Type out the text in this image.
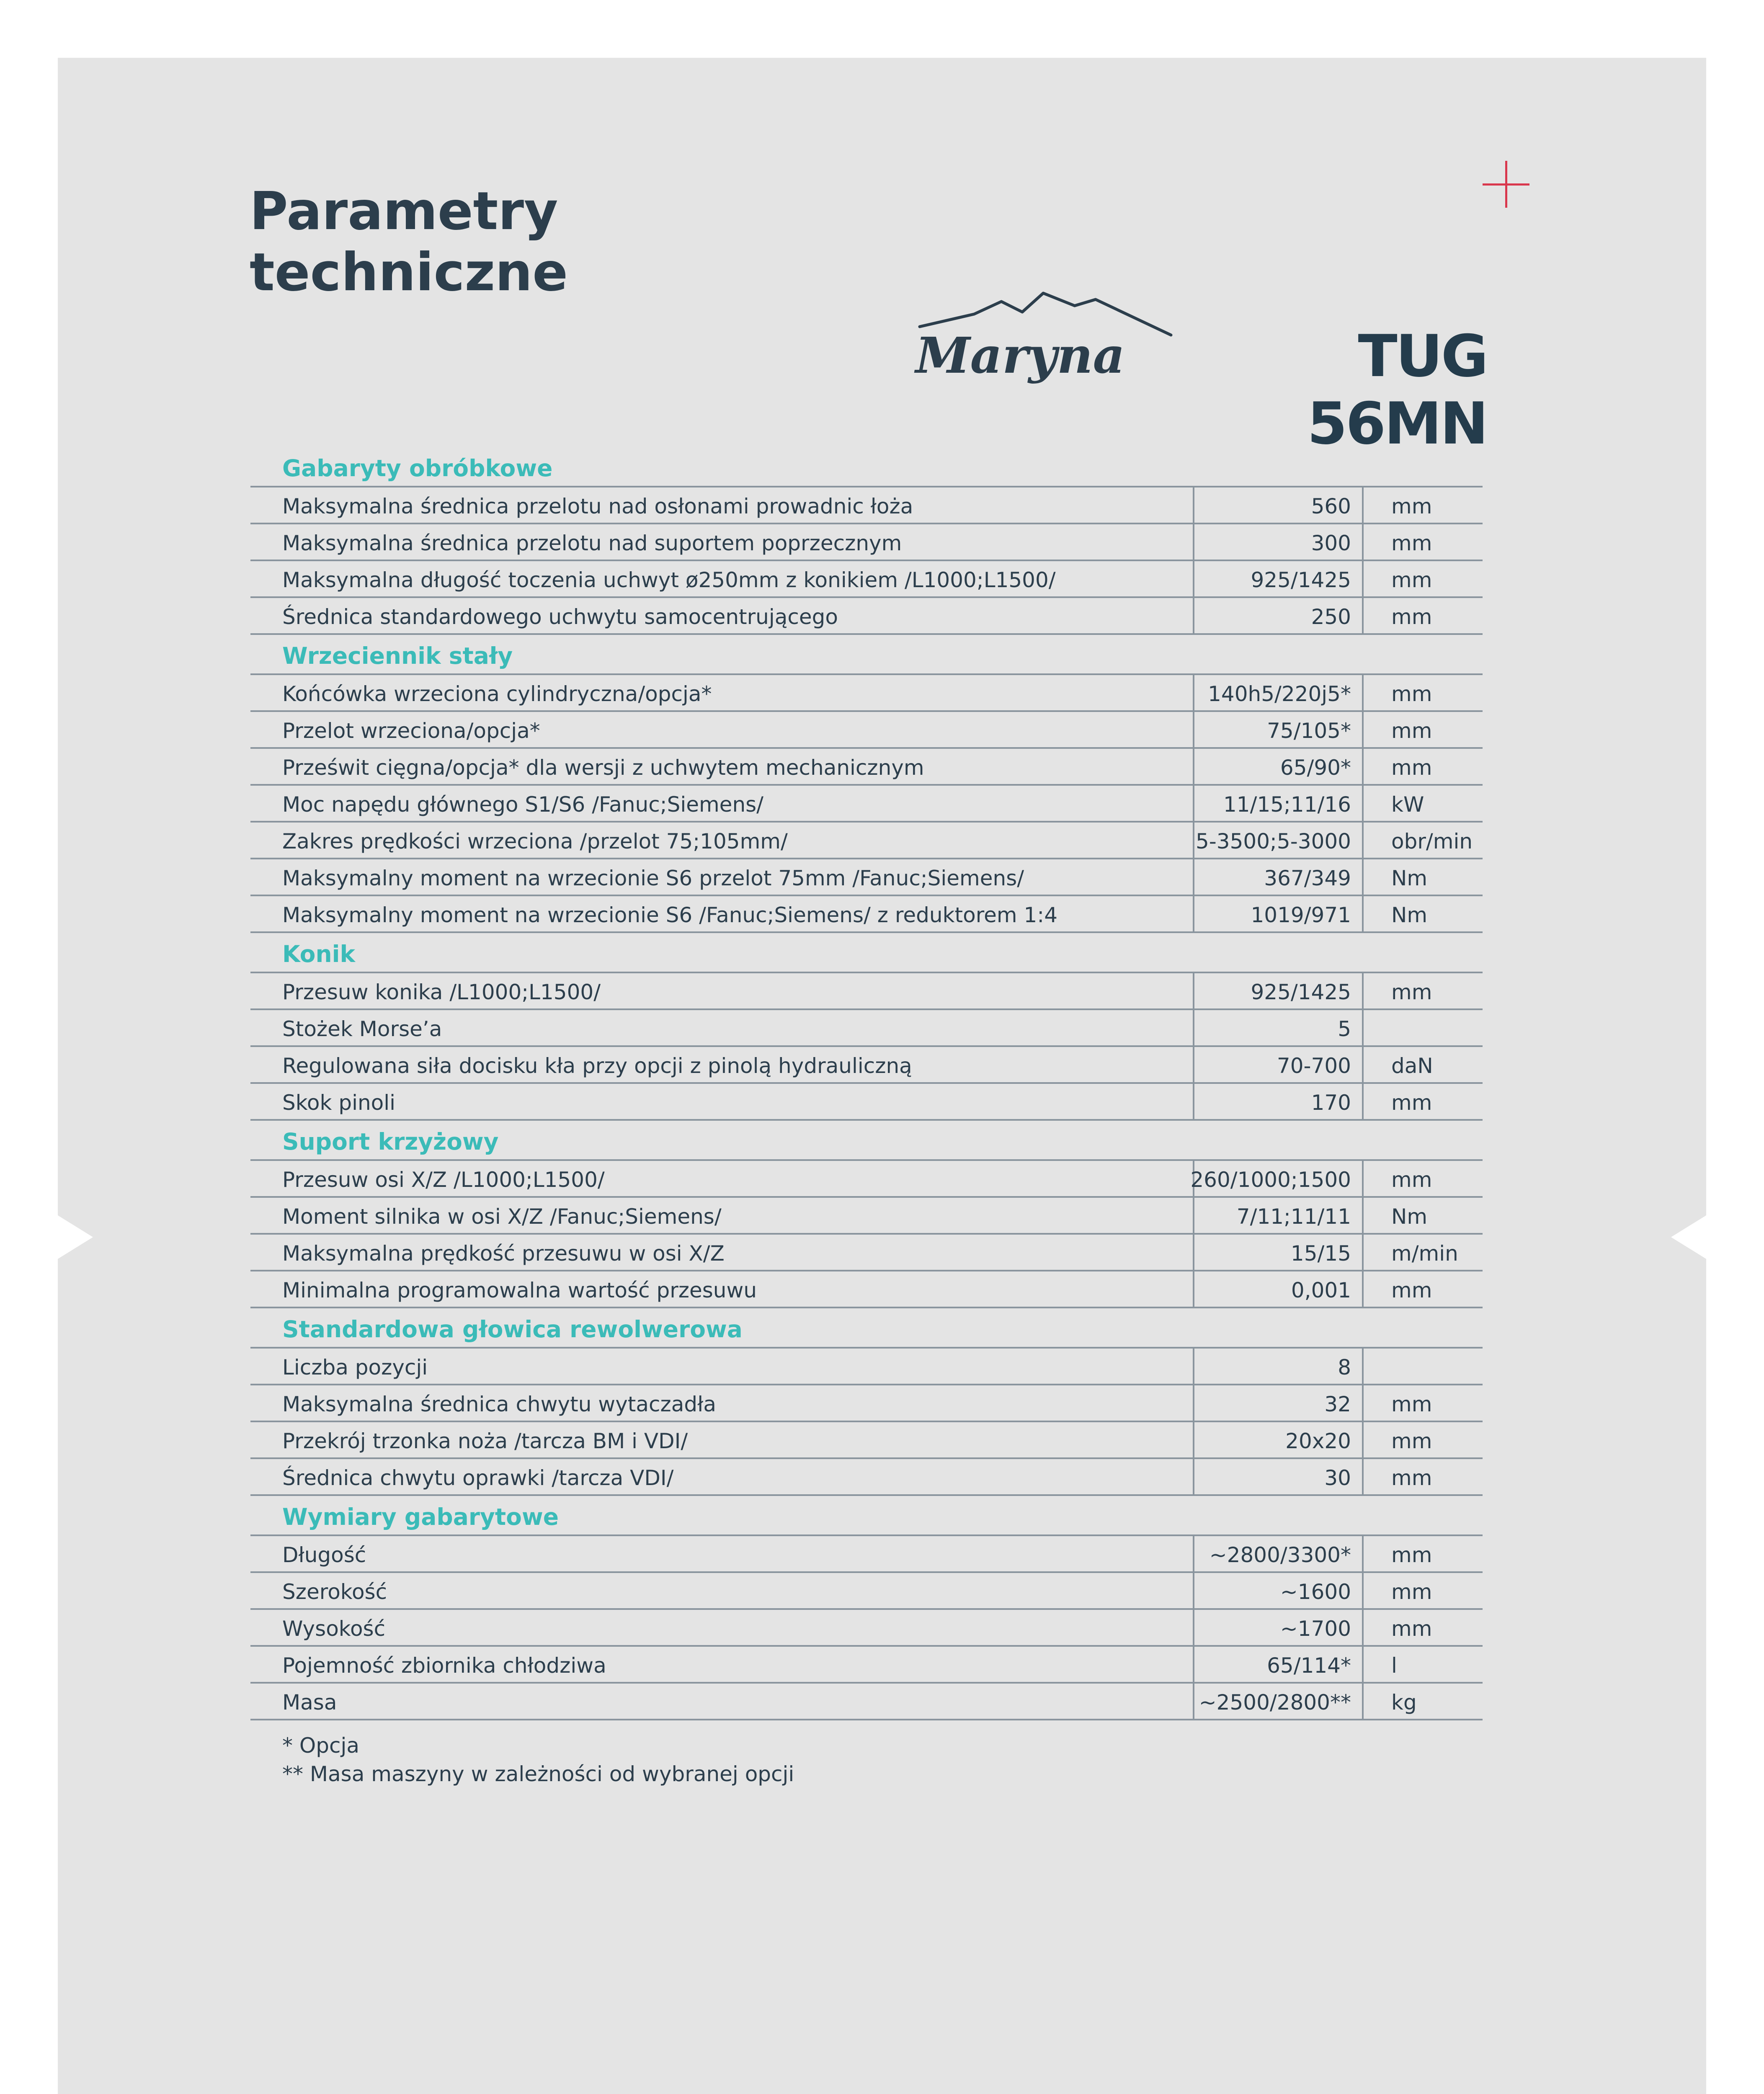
Parametry
techniczne
Maryna	TUG 56MN
Gabaryty obróbkowe
Maksymalna średnica przelotu nad osłonami prowadnic łoża	560 mm
Maksymalna średnica przelotu nad suportem poprzecznym	300 mm
Maksymalna długość toczenia uchwyt ø250mm z konikiem /L1000;L1500/	925/1425 mm
Średnica standardowego uchwytu samocentrującego	250 mm
Wrzeciennik stały
Końcówka wrzeciona cylindryczna/opcja*	140h5/220j5* mm
Przelot wrzeciona/opcja*	75/105* mm
Prześwit cięgna/opcja* dla wersji z uchwytem mechanicznym	65/90* mm
Moc napędu głównego S1/S6 /Fanuc;Siemens/	11/15;11/16 kW
Zakres prędkości wrzeciona /przelot 75;105mm/	5-3500;5-3000 obr/min
Maksymalny moment na wrzecionie S6 przelot 75mm /Fanuc;Siemens/	367/349 Nm
Maksymalny moment na wrzecionie S6 /Fanuc;Siemens/ z reduktorem 1:4	1019/971 Nm
Konik
Przesuw konika /L1000;L1500/	925/1425 mm
Stożek Morse’a	5
Regulowana siła docisku kła przy opcji z pinolą hydrauliczną	70-700 daN
Skok pinoli	170 mm
Suport krzyżowy
Przesuw osi X/Z /L1000;L1500/	260/1000;1500 mm
Moment silnika w osi X/Z /Fanuc;Siemens/	7/11;11/11 Nm
Maksymalna prędkość przesuwu w osi X/Z	15/15 m/min
Minimalna programowalna wartość przesuwu	0,001 mm
Standardowa głowica rewolwerowa
Liczba pozycji	8
Maksymalna średnica chwytu wytaczadła	32 mm
Przekrój trzonka noża /tarcza BM i VDI/	20x20 mm
Średnica chwytu oprawki /tarcza VDI/	30 mm
Wymiary gabarytowe
Długość	~2800/3300* mm
Szerokość	~1600 mm
Wysokość	~1700 mm
Pojemność zbiornika chłodziwa	65/114* l
Masa	~2500/2800** kg
* Opcja
** Masa maszyny w zależności od wybranej opcji
